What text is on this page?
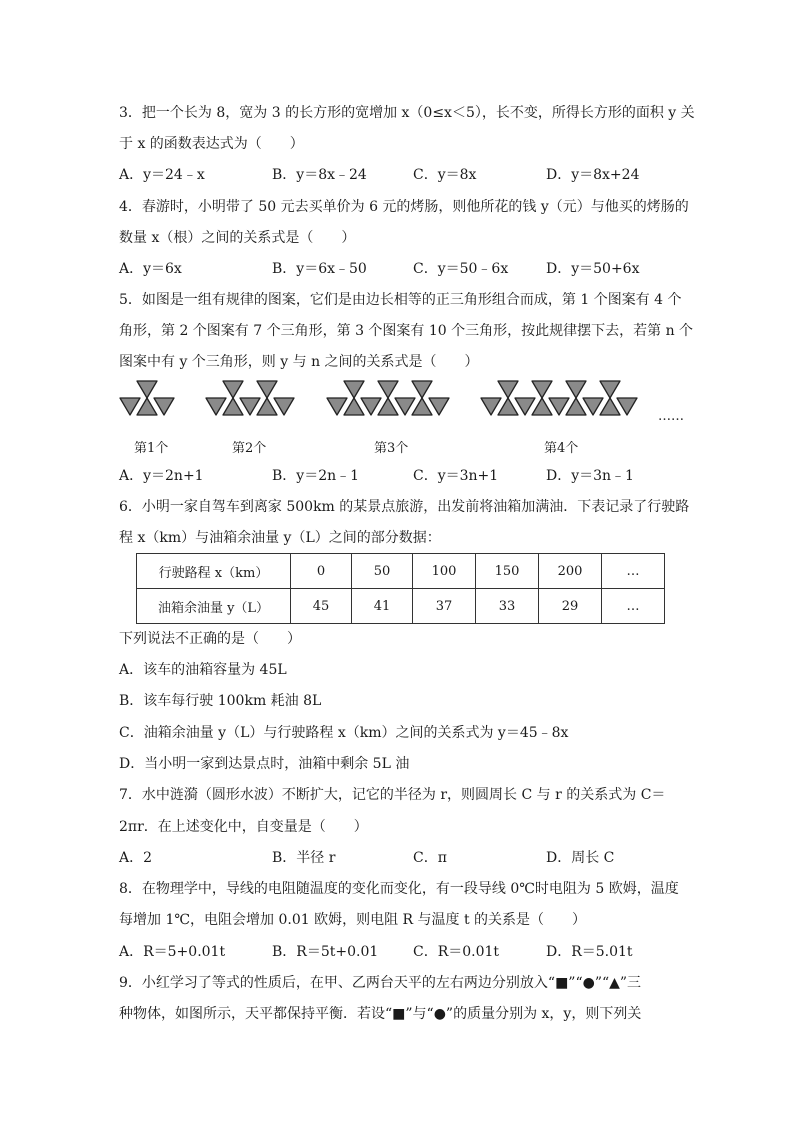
3．把一个长为 8，宽为 3 的长方形的宽增加 x（0≤x＜5），长不变，所得长方形的面积 y 关
于 x 的函数表达式为（　　）
A．y＝24﹣x	B．y＝8x﹣24	C．y＝8x	D．y＝8x+24
4．春游时，小明带了 50 元去买单价为 6 元的烤肠，则他所花的钱 y（元）与他买的烤肠的
数量 x（根）之间的关系式是（　　）
A．y＝6x	B．y＝6x﹣50	C．y＝50﹣6x	D．y＝50+6x
5．如图是一组有规律的图案，它们是由边长相等的正三角形组合而成，第 1 个图案有 4 个
角形，第 2 个图案有 7 个三角形，第 3 个图案有 10 个三角形，按此规律摆下去，若第 n 个
图案中有 y 个三角形，则 y 与 n 之间的关系式是（　　）
……
第1个	第2个	第3个	第4个
A．y＝2n+1	B．y＝2n﹣1	C．y＝3n+1	D．y＝3n﹣1
6．小明一家自驾车到离家 500km 的某景点旅游，出发前将油箱加满油．下表记录了行驶路
程 x（km）与油箱余油量 y（L）之间的部分数据：
行驶路程 x（km）	0	50	100	150	200	…
油箱余油量 y（L）	45	41	37	33	29	…
下列说法不正确的是（　　）
A．该车的油箱容量为 45L
B．该车每行驶 100km 耗油 8L
C．油箱余油量 y（L）与行驶路程 x（km）之间的关系式为 y＝45﹣8x
D．当小明一家到达景点时，油箱中剩余 5L 油
7．水中涟漪（圆形水波）不断扩大，记它的半径为 r，则圆周长 C 与 r 的关系式为 C＝
2πr．在上述变化中，自变量是（　　）
A．2	B．半径 r	C．π	D．周长 C
8．在物理学中，导线的电阻随温度的变化而变化，有一段导线 0℃时电阻为 5 欧姆，温度
每增加 1℃，电阻会增加 0.01 欧姆，则电阻 R 与温度 t 的关系是（　　）
A．R＝5+0.01t	B．R＝5t+0.01 C．R＝0.01t	D．R＝5.01t
9．小红学习了等式的性质后，在甲、乙两台天平的左右两边分别放入“■”“●”“▲”三
种物体，如图所示，天平都保持平衡．若设“■”与“●”的质量分别为 x，y，则下列关
